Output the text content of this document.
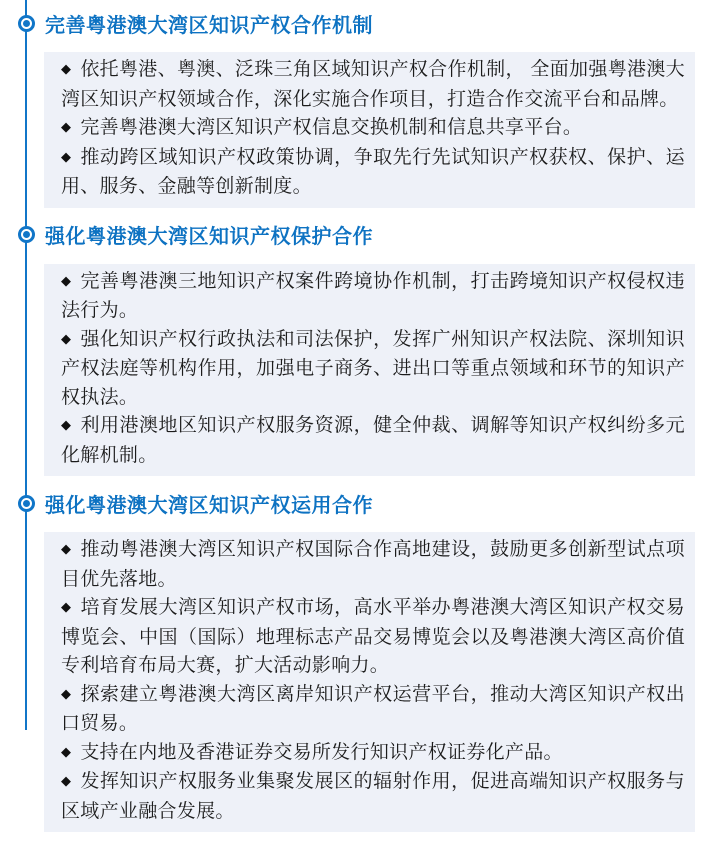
完善粤港澳大湾区知识产权合作机制

◆ 依托粤港、粤澳、泛珠三角区域知识产权合作机制， 全面加强粤港澳大湾区知识产权领域合作，深化实施合作项目，打造合作交流平台和品牌。

◆ 完善粤港澳大湾区知识产权信息交换机制和信息共享平台。

◆ 推动跨区域知识产权政策协调，争取先行先试知识产权获权、保护、运用、服务、金融等创新制度。

强化粤港澳大湾区知识产权保护合作

◆ 完善粤港澳三地知识产权案件跨境协作机制，打击跨境知识产权侵权违法行为。

◆ 强化知识产权行政执法和司法保护，发挥广州知识产权法院、深圳知识产权法庭等机构作用，加强电子商务、进出口等重点领域和环节的知识产权执法。

◆ 利用港澳地区知识产权服务资源，健全仲裁、调解等知识产权纠纷多元化解机制。

强化粤港澳大湾区知识产权运用合作

◆ 推动粤港澳大湾区知识产权国际合作高地建设，鼓励更多创新型试点项目优先落地。

◆ 培育发展大湾区知识产权市场，高水平举办粤港澳大湾区知识产权交易博览会、中国（国际）地理标志产品交易博览会以及粤港澳大湾区高价值专利培育布局大赛，扩大活动影响力。

◆ 探索建立粤港澳大湾区离岸知识产权运营平台，推动大湾区知识产权出口贸易。

◆ 支持在内地及香港证券交易所发行知识产权证券化产品。

◆ 发挥知识产权服务业集聚发展区的辐射作用，促进高端知识产权服务与区域产业融合发展。
